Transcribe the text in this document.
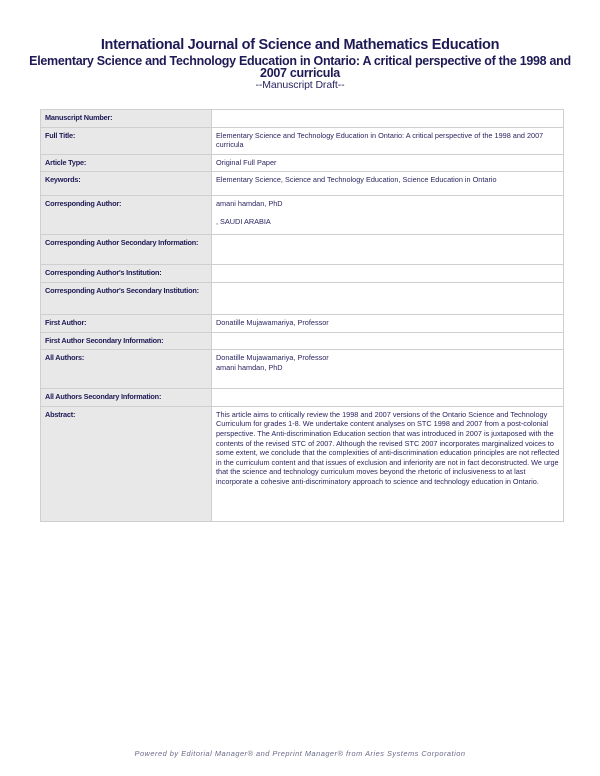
International Journal of Science and Mathematics Education
Elementary Science and Technology Education in Ontario: A critical perspective of the 1998 and 2007 curricula
--Manuscript Draft--
Manuscript Number:	
Full Title:	Elementary Science and Technology Education in Ontario: A critical perspective of the 1998 and 2007 curricula

Article Type:	Original Full Paper

Keywords:	Elementary Science, Science and Technology Education, Science Education in Ontario

Corresponding Author:	amani hamdan, PhD
, SAUDI ARABIA

Corresponding Author Secondary Information:	
Corresponding Author's Institution:	
Corresponding Author's Secondary Institution:	
First Author:	Donatille Mujawamariya, Professor

First Author Secondary Information:	
All Authors:	Donatille Mujawamariya, Professor
amani hamdan, PhD

All Authors Secondary Information:	
Abstract:	This article aims to critically review the 1998 and 2007 versions of the Ontario Science and Technology Curriculum for grades 1-8. We undertake content analyses on STC 1998 and 2007 from a post-colonial perspective. The Anti-discrimination Education section that was introduced in 2007 is juxtaposed with the contents of the revised STC of 2007. Although the revised STC 2007 incorporates marginalized voices to some extent, we conclude that the complexities of anti-discrimination education principles are not reflected in the curriculum content and that issues of exclusion and inferiority are not in fact deconstructed. We urge that the science and technology curriculum moves beyond the rhetoric of inclusiveness to at last incorporate a cohesive anti-discriminatory approach to science and technology education in Ontario.
Powered by Editorial Manager® and Preprint Manager® from Aries Systems Corporation
